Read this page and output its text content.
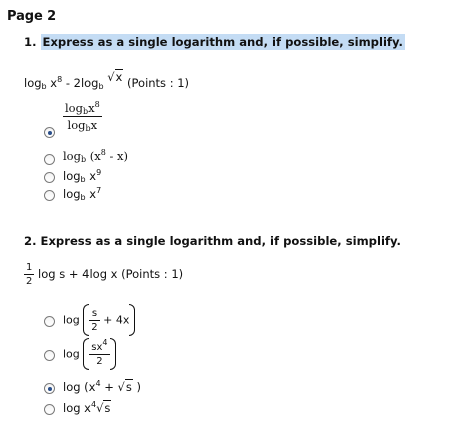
Page 2
1. Express as a single logarithm and, if possible, simplify.
$\log_b x^8 - 2\log_b$ √x (Points : 1)
$\frac{\log_bx^8}{\log_bx}$
$\log_b (x^8 - x)$
$\log_b x^9$
$\log_b x^7$
2. Express as a single logarithm and, if possible, simplify.
$\frac{1}{2}$ log s + 4log x (Points : 1)
$\log \frac{s}{2} + 4x$
$\log \frac{sx^4}{2}$
$\log (x^4 + √s$ )
$\log x^4√s$
